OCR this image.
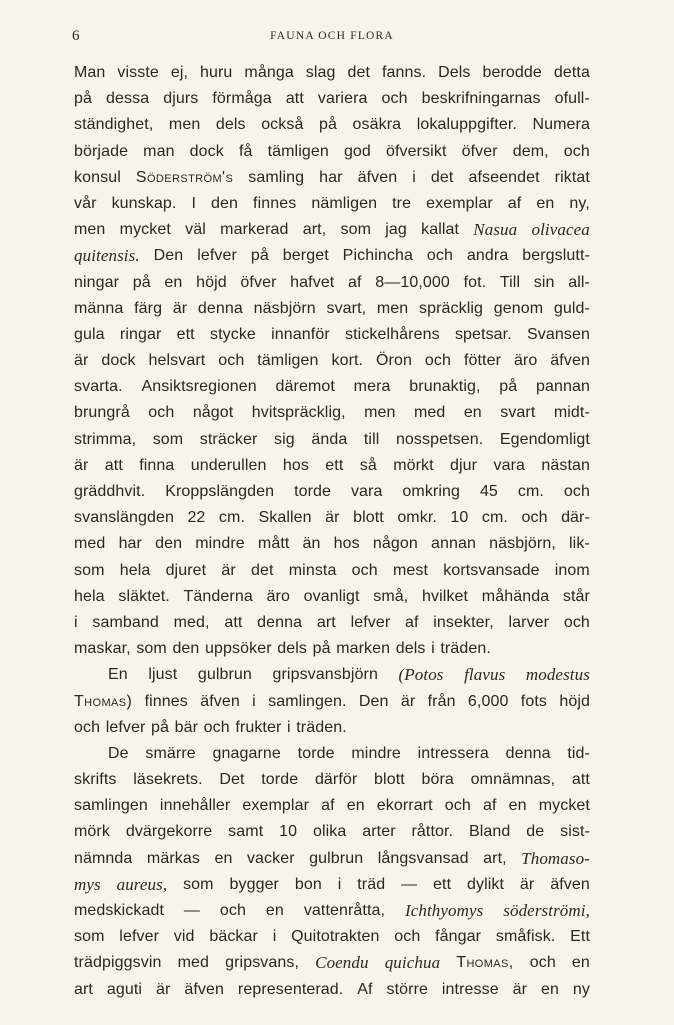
6	FAUNA OCH FLORA
Man visste ej, huru många slag det fanns. Dels berodde detta
på dessa djurs förmåga att variera och beskrifningarnas ofull-
ständighet, men dels också på osäkra lokaluppgifter. Numera
började man dock få tämligen god öfversikt öfver dem, och
konsul Söderström's samling har äfven i det afseendet riktat
vår kunskap. I den finnes nämligen tre exemplar af en ny,
men mycket väl markerad art, som jag kallat Nasua olivacea
quitensis. Den lefver på berget Pichincha och andra bergslutt-
ningar på en höjd öfver hafvet af 8—10,000 fot. Till sin all-
männa färg är denna näsbjörn svart, men spräcklig genom guld-
gula ringar ett stycke innanför stickelhårens spetsar. Svansen
är dock helsvart och tämligen kort. Öron och fötter äro äfven
svarta. Ansiktsregionen däremot mera brunaktig, på pannan
brungrå och något hvitspräcklig, men med en svart midt-
strimma, som sträcker sig ända till nosspetsen. Egendomligt
är att finna underullen hos ett så mörkt djur vara nästan
gräddhvit. Kroppslängden torde vara omkring 45 cm. och
svanslängden 22 cm. Skallen är blott omkr. 10 cm. och där-
med har den mindre mått än hos någon annan näsbjörn, lik-
som hela djuret är det minsta och mest kortsvansade inom
hela släktet. Tänderna äro ovanligt små, hvilket måhända står
i samband med, att denna art lefver af insekter, larver och
maskar, som den uppsöker dels på marken dels i träden.
En ljust gulbrun gripsvansbjörn (Potos flavus modestus
Thomas) finnes äfven i samlingen. Den är från 6,000 fots höjd
och lefver på bär och frukter i träden.
De smärre gnagarne torde mindre intressera denna tid-
skrifts läsekrets. Det torde därför blott böra omnämnas, att
samlingen innehåller exemplar af en ekorrart och af en mycket
mörk dvärgekorre samt 10 olika arter råttor. Bland de sist-
nämnda märkas en vacker gulbrun långsvansad art, Thomaso-
mys aureus, som bygger bon i träd — ett dylikt är äfven
medskickadt — och en vattenråtta, Ichthyomys söderströmi,
som lefver vid bäckar i Quitotrakten och fångar småfisk. Ett
trädpiggsvin med gripsvans, Coendu quichua Thomas, och en
art aguti är äfven representerad. Af större intresse är en ny
